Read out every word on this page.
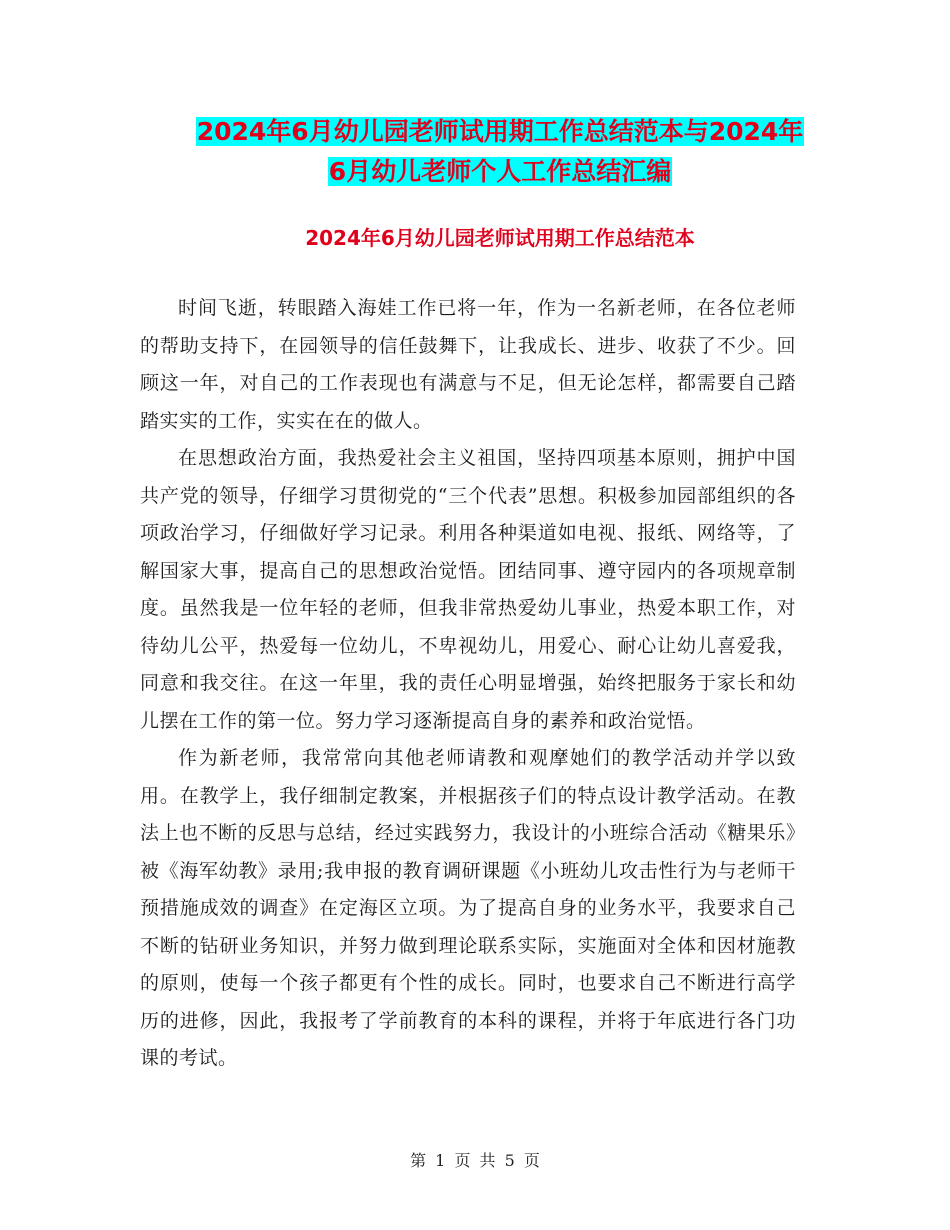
2024年6月幼儿园老师试用期工作总结范本与2024年
6月幼儿老师个人工作总结汇编
2024年6月幼儿园老师试用期工作总结范本

时间飞逝，转眼踏入海娃工作已将一年，作为一名新老师，在各位老师的帮助支持下，在园领导的信任鼓舞下，让我成长、进步、收获了不少。回顾这一年，对自己的工作表现也有满意与不足，但无论怎样，都需要自己踏踏实实的工作，实实在在的做人。

在思想政治方面，我热爱社会主义祖国，坚持四项基本原则，拥护中国共产党的领导，仔细学习贯彻党的“三个代表”思想。积极参加园部组织的各项政治学习，仔细做好学习记录。利用各种渠道如电视、报纸、网络等，了解国家大事，提高自己的思想政治觉悟。团结同事、遵守园内的各项规章制度。虽然我是一位年轻的老师，但我非常热爱幼儿事业，热爱本职工作，对待幼儿公平，热爱每一位幼儿，不卑视幼儿，用爱心、耐心让幼儿喜爱我，同意和我交往。在这一年里，我的责任心明显增强，始终把服务于家长和幼儿摆在工作的第一位。努力学习逐渐提高自身的素养和政治觉悟。

作为新老师，我常常向其他老师请教和观摩她们的教学活动并学以致用。在教学上，我仔细制定教案，并根据孩子们的特点设计教学活动。在教法上也不断的反思与总结，经过实践努力，我设计的小班综合活动《糖果乐》被《海军幼教》录用;我申报的教育调研课题《小班幼儿攻击性行为与老师干预措施成效的调查》在定海区立项。为了提高自身的业务水平，我要求自己不断的钻研业务知识，并努力做到理论联系实际，实施面对全体和因材施教的原则，使每一个孩子都更有个性的成长。同时，也要求自己不断进行高学历的进修，因此，我报考了学前教育的本科的课程，并将于年底进行各门功课的考试。

第 1 页 共 5 页
